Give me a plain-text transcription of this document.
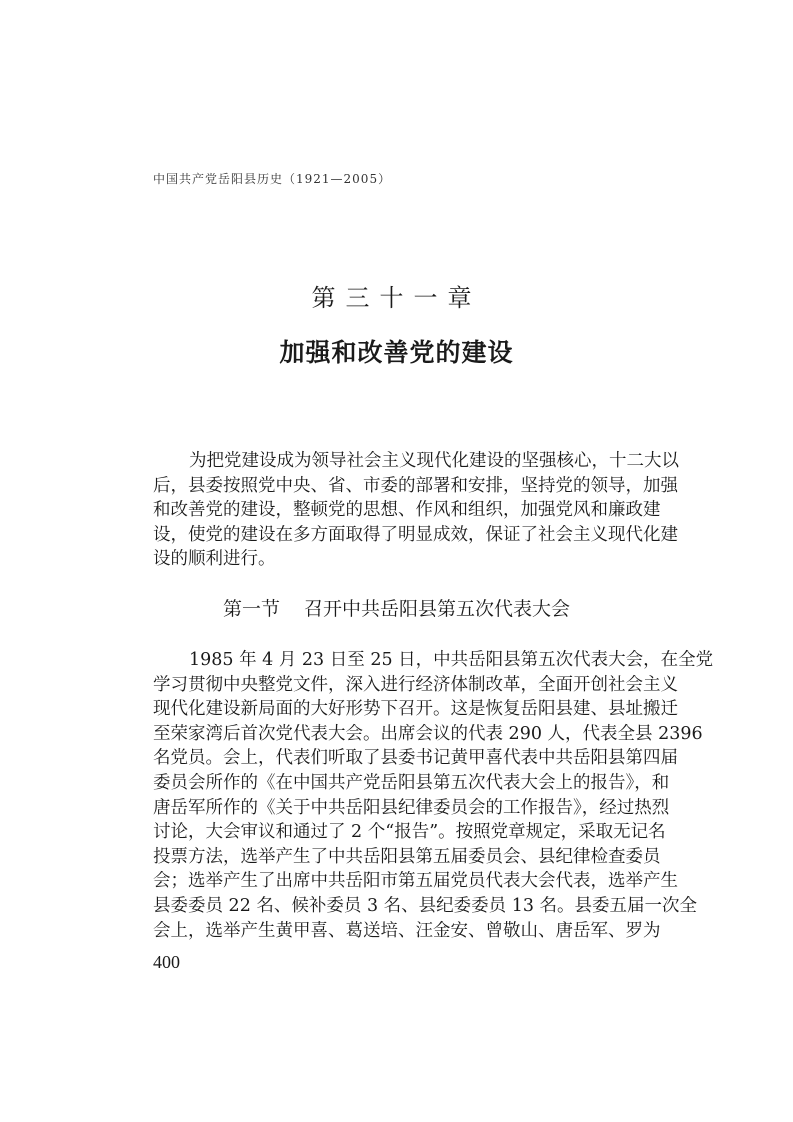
中国共产党岳阳县历史（1921—2005）
第三十一章
加强和改善党的建设
为把党建设成为领导社会主义现代化建设的坚强核心，十二大以
后，县委按照党中央、省、市委的部署和安排，坚持党的领导，加强
和改善党的建设，整顿党的思想、作风和组织，加强党风和廉政建
设，使党的建设在多方面取得了明显成效，保证了社会主义现代化建
设的顺利进行。
第一节 召开中共岳阳县第五次代表大会
1985 年 4 月 23 日至 25 日，中共岳阳县第五次代表大会，在全党
学习贯彻中央整党文件，深入进行经济体制改革，全面开创社会主义
现代化建设新局面的大好形势下召开。这是恢复岳阳县建、县址搬迁
至荣家湾后首次党代表大会。出席会议的代表 290 人，代表全县 2396
名党员。会上，代表们听取了县委书记黄甲喜代表中共岳阳县第四届
委员会所作的《在中国共产党岳阳县第五次代表大会上的报告》，和
唐岳军所作的《关于中共岳阳县纪律委员会的工作报告》，经过热烈
讨论，大会审议和通过了 2 个“报告”。按照党章规定，采取无记名
投票方法，选举产生了中共岳阳县第五届委员会、县纪律检查委员
会；选举产生了出席中共岳阳市第五届党员代表大会代表，选举产生
县委委员 22 名、候补委员 3 名、县纪委委员 13 名。县委五届一次全
会上，选举产生黄甲喜、葛送培、汪金安、曾敬山、唐岳军、罗为
400
